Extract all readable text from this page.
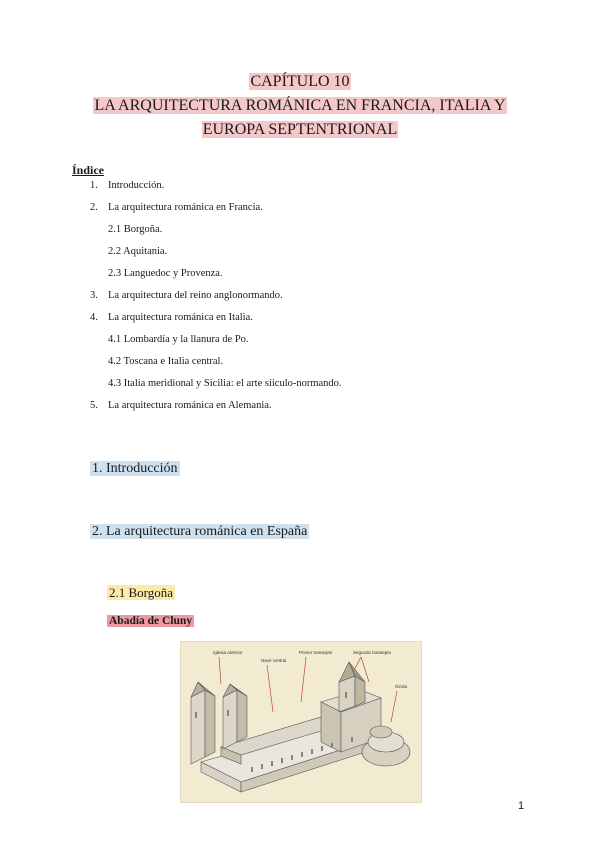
CAPÍTULO 10
LA ARQUITECTURA ROMÁNICA EN FRANCIA, ITALIA Y
EUROPA SEPTENTRIONAL
Índice
1. Introducción.
2. La arquitectura románica en Francia.
2.1 Borgoña.
2.2 Aquitania.
2.3 Languedoc y Provenza.
3. La arquitectura del reino anglonormando.
4. La arquitectura románica en Italia.
4.1 Lombardía y la llanura de Po.
4.2 Toscana e Italia central.
4.3 Italia meridional y Sicilia: el arte síiculo-normando.
5. La arquitectura románica en Alemania.
1. Introducción
2. La arquitectura románica en España
2.1 Borgoña
Abadía de Cluny
Iglesia anterior
Nave central
Primer transepto	Segundo transepto
Girola
1
